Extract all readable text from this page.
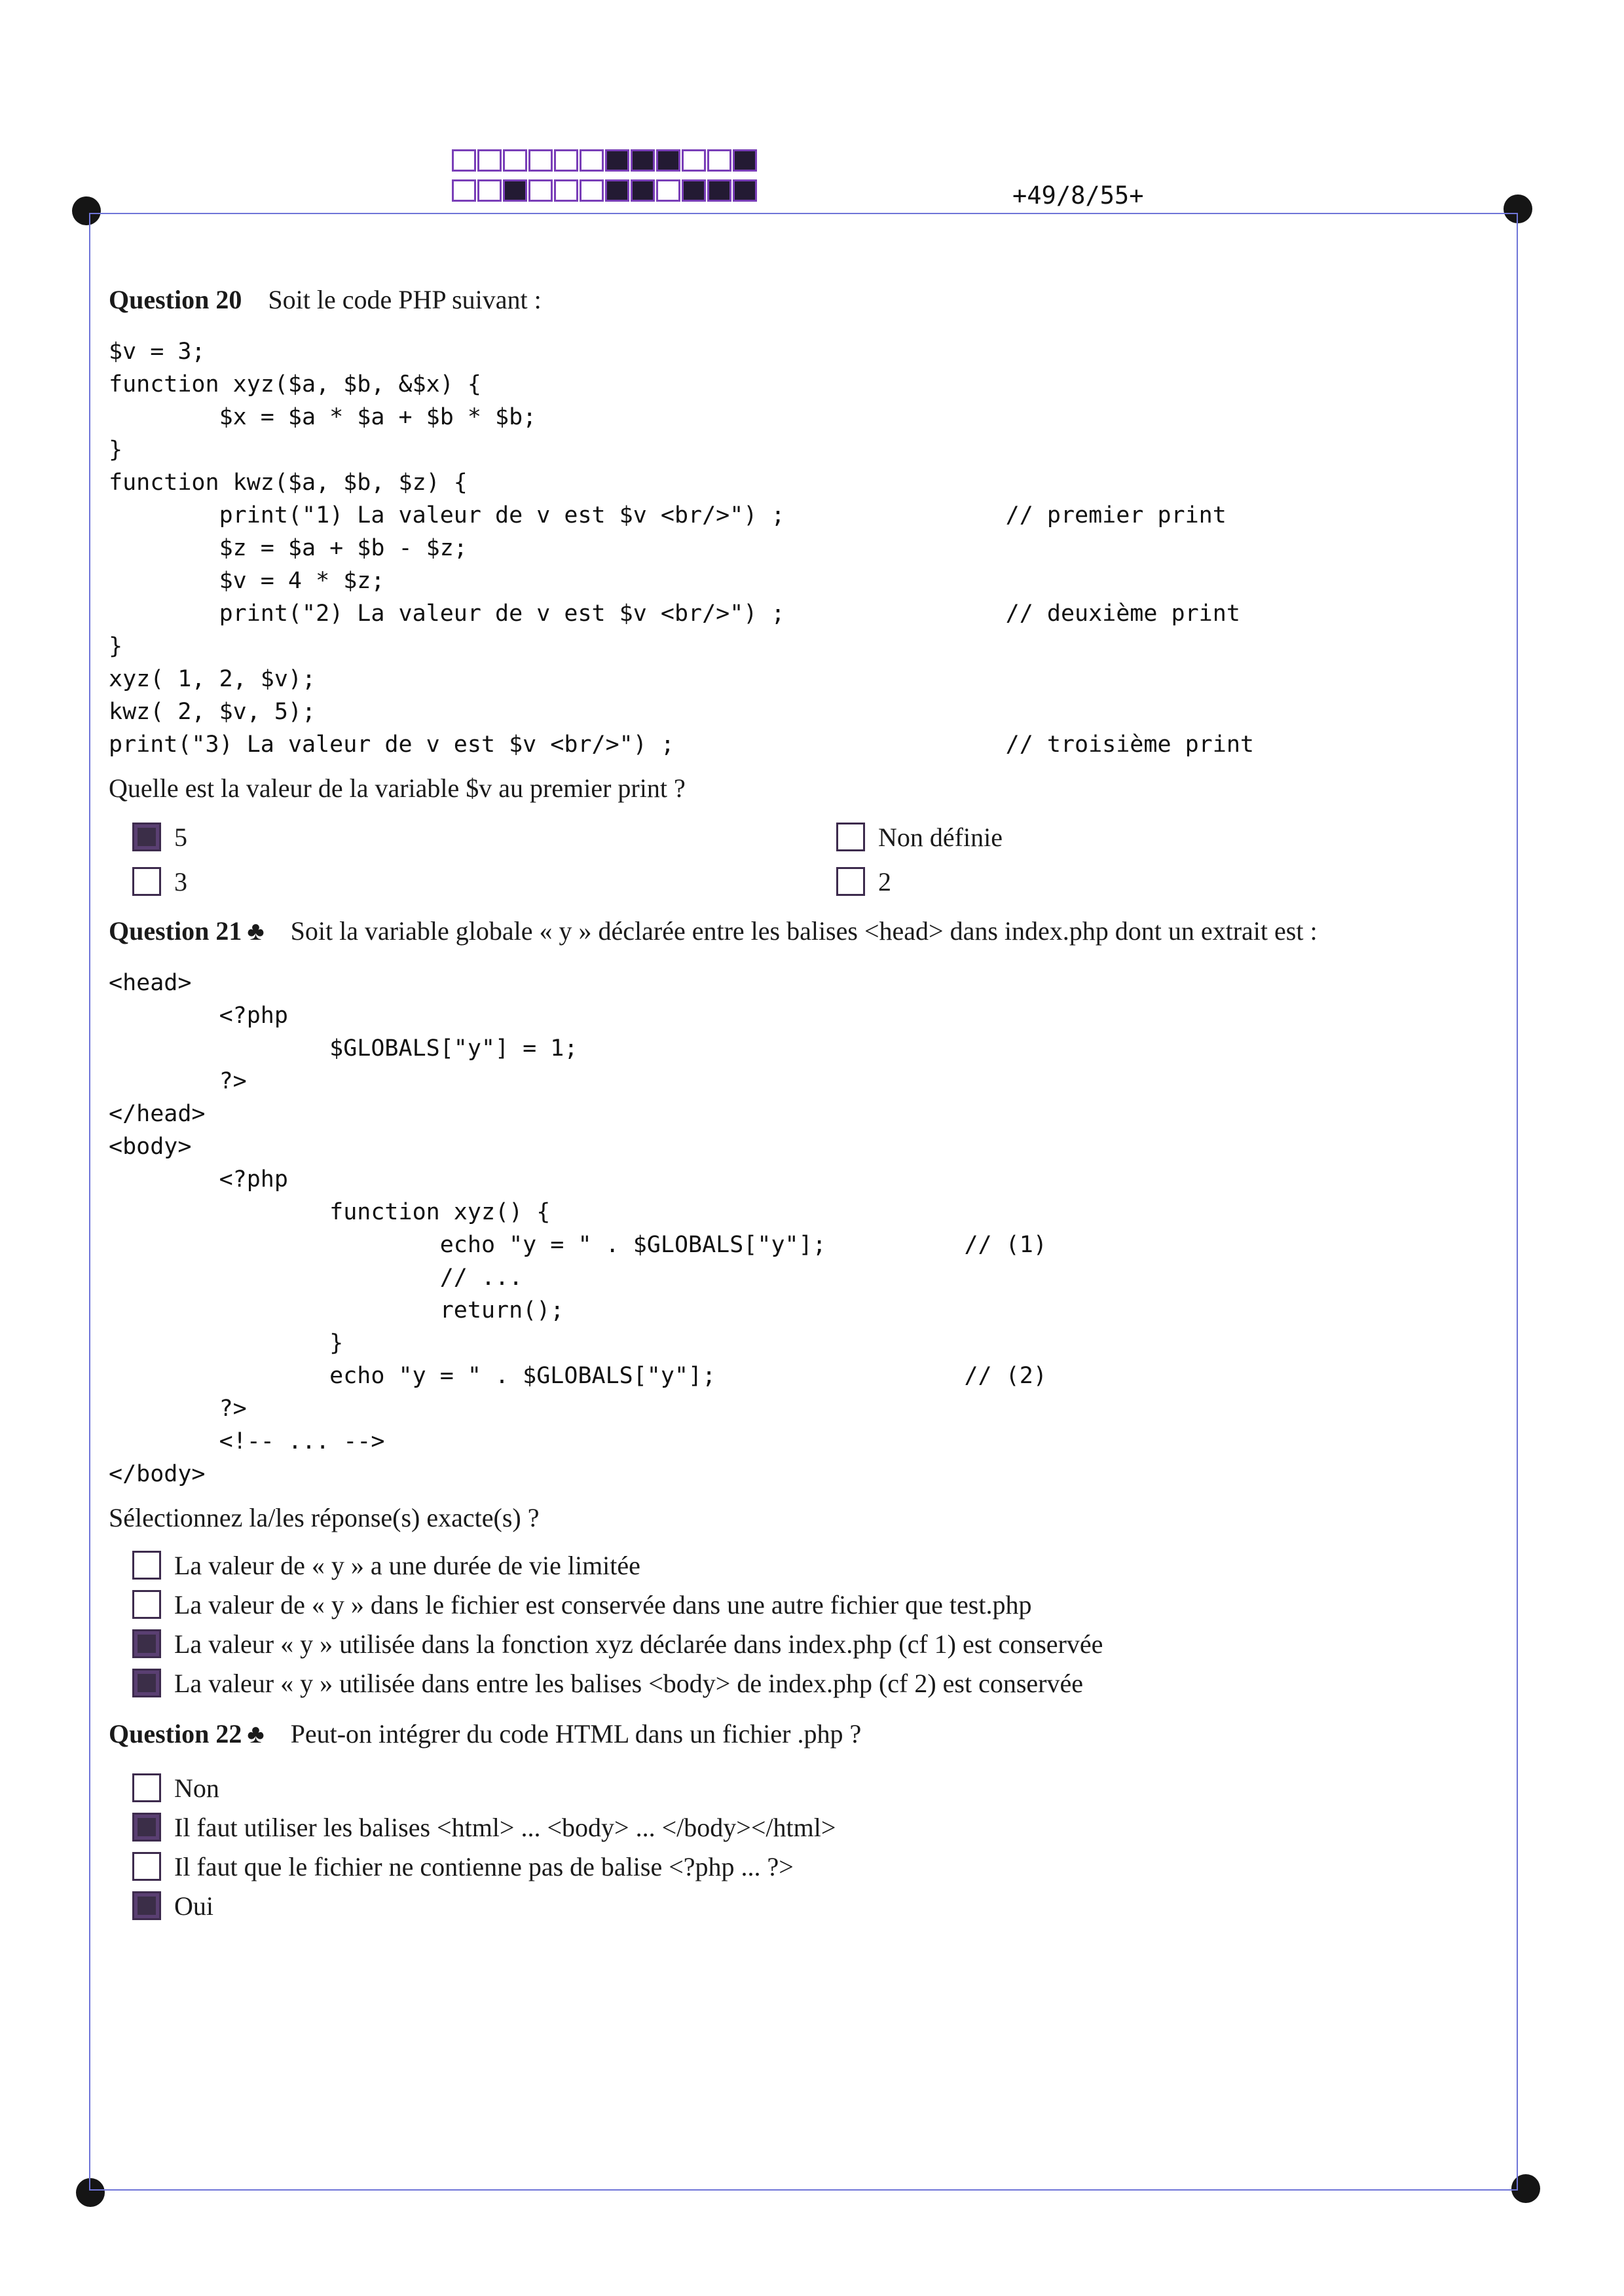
+49/8/55+
Question 20 Soit le code PHP suivant :
$v = 3;
function xyz($a, $b, &$x) {
$x = $a * $a + $b * $b;
}
function kwz($a, $b, $z) {
print("1) La valeur de v est $v <br/>") ;                // premier print
$z = $a + $b - $z;
$v = 4 * $z;
print("2) La valeur de v est $v <br/>") ;                // deuxième print
}
xyz( 1, 2, $v);
kwz( 2, $v, 5);
print("3) La valeur de v est $v <br/>") ;                        // troisième print
Quelle est la valeur de la variable $v au premier print ?
5	Non définie
3	2
Question 21 ♣ Soit la variable globale « y » déclarée entre les balises <head> dans index.php dont un extrait est :
<head>
<?php
$GLOBALS["y"] = 1;
?>
</head>
<body>
<?php
function xyz() {
echo "y = " . $GLOBALS["y"];          // (1)
// ...
return();
}
echo "y = " . $GLOBALS["y"];                  // (2)
?>
<!-- ... -->
</body>
Sélectionnez la/les réponse(s) exacte(s) ?
La valeur de « y » a une durée de vie limitée
La valeur de « y » dans le fichier est conservée dans une autre fichier que test.php
La valeur « y » utilisée dans la fonction xyz déclarée dans index.php (cf 1) est conservée
La valeur « y » utilisée dans entre les balises <body> de index.php (cf 2) est conservée
Question 22 ♣ Peut-on intégrer du code HTML dans un fichier .php ?
Non
Il faut utiliser les balises <html> ... <body> ... </body></html>
Il faut que le fichier ne contienne pas de balise <?php ... ?>
Oui
